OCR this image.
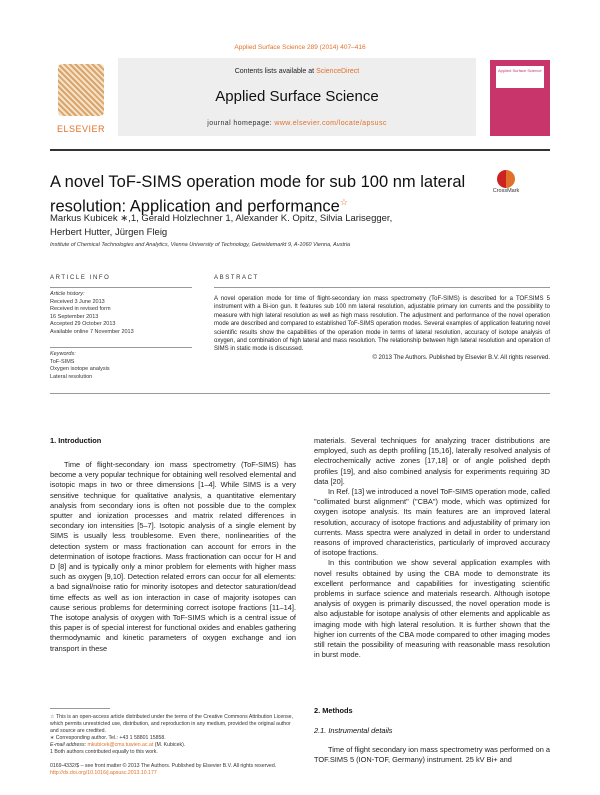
Applied Surface Science 289 (2014) 407–416
ELSEVIER
Contents lists available at ScienceDirect
Applied Surface Science
journal homepage: www.elsevier.com/locate/apsusc
Applied Surface Science
A novel ToF-SIMS operation mode for sub 100 nm lateral resolution: Application and performance☆
CrossMark
Markus Kubicek ∗,1, Gerald Holzlechner 1, Alexander K. Opitz, Silvia Larisegger,
Herbert Hutter, Jürgen Fleig
Institute of Chemical Technologies and Analytics, Vienna University of Technology, Getreidemarkt 9, A-1060 Vienna, Austria
ARTICLE INFO
Article history:
Received 3 June 2013
Received in revised form
16 September 2013
Accepted 29 October 2013
Available online 7 November 2013
Keywords:
ToF-SIMS
Oxygen isotope analysis
Lateral resolution
ABSTRACT
A novel operation mode for time of flight-secondary ion mass spectrometry (ToF-SIMS) is described for a TOF.SIMS 5 instrument with a Bi-ion gun. It features sub 100 nm lateral resolution, adjustable primary ion currents and the possibility to measure with high lateral resolution as well as high mass resolution. The adjustment and performance of the novel operation mode are described and compared to established ToF-SIMS operation modes. Several examples of application featuring novel scientific results show the capabilities of the operation mode in terms of lateral resolution, accuracy of isotope analysis of oxygen, and combination of high lateral and mass resolution. The relationship between high lateral resolution and operation of SIMS in static mode is discussed.
© 2013 The Authors. Published by Elsevier B.V. All rights reserved.
1. Introduction

Time of flight-secondary ion mass spectrometry (ToF-SIMS) has become a very popular technique for obtaining well resolved elemental and isotopic maps in two or three dimensions [1–4]. While SIMS is a very sensitive technique for qualitative analysis, a quantitative elementary analysis from secondary ions is often not possible due to the complex sputter and ionization processes and matrix related differences in secondary ion intensities [5–7]. Isotopic analysis of a single element by SIMS is usually less troublesome. Even there, nonlinearities of the detection system or mass fractionation can account for errors in the determination of isotope fractions. Mass fractionation can occur for H and D [8] and is typically only a minor problem for elements with higher mass such as oxygen [9,10]. Detection related errors can occur for all elements: a bad signal/noise ratio for minority isotopes and detector saturation/dead time effects as well as ion interaction in case of majority isotopes can cause serious problems for determining correct isotope fractions [11–14]. The isotope analysis of oxygen with ToF-SIMS which is a central issue of this paper is of special interest for functional oxides and enables gathering thermodynamic and kinetic parameters of oxygen exchange and ion transport in these

☆ This is an open-access article distributed under the terms of the Creative Commons Attribution License, which permits unrestricted use, distribution, and reproduction in any medium, provided the original author and source are credited.
∗ Corresponding author. Tel.: +43 1 58801 15858.
E-mail address: mkubicek@cms.tuwien.ac.at (M. Kubicek).
1 Both authors contributed equally to this work.
0169-4332/$ – see front matter © 2013 The Authors. Published by Elsevier B.V. All rights reserved.
http://dx.doi.org/10.1016/j.apsusc.2013.10.177

materials. Several techniques for analyzing tracer distributions are employed, such as depth profiling [15,16], laterally resolved analysis of electrochemically active zones [17,18] or of angle polished depth profiles [19], and also combined analysis for experiments requiring 3D data [20].

In Ref. [13] we introduced a novel ToF-SIMS operation mode, called "collimated burst alignment" ("CBA") mode, which was optimized for oxygen isotope analysis. Its main features are an improved lateral resolution, accuracy of isotope fractions and adjustability of primary ion currents. Mass spectra were analyzed in detail in order to understand reasons of improved characteristics, particularly of improved accuracy of isotope fractions.

In this contribution we show several application examples with novel results obtained by using the CBA mode to demonstrate its excellent performance and capabilities for investigating scientific problems in surface science and materials research. Although isotope analysis of oxygen is primarily discussed, the novel operation mode is also adjustable for isotope analysis of other elements and applicable as imaging mode with high lateral resolution. It is further shown that the higher ion currents of the CBA mode compared to other imaging modes still retain the possibility of measuring with reasonable mass resolution in burst mode.

2. Methods
2.1. Instrumental details

Time of flight secondary ion mass spectrometry was performed on a TOF.SIMS 5 (ION-TOF, Germany) instrument. 25 kV Bi+ and
